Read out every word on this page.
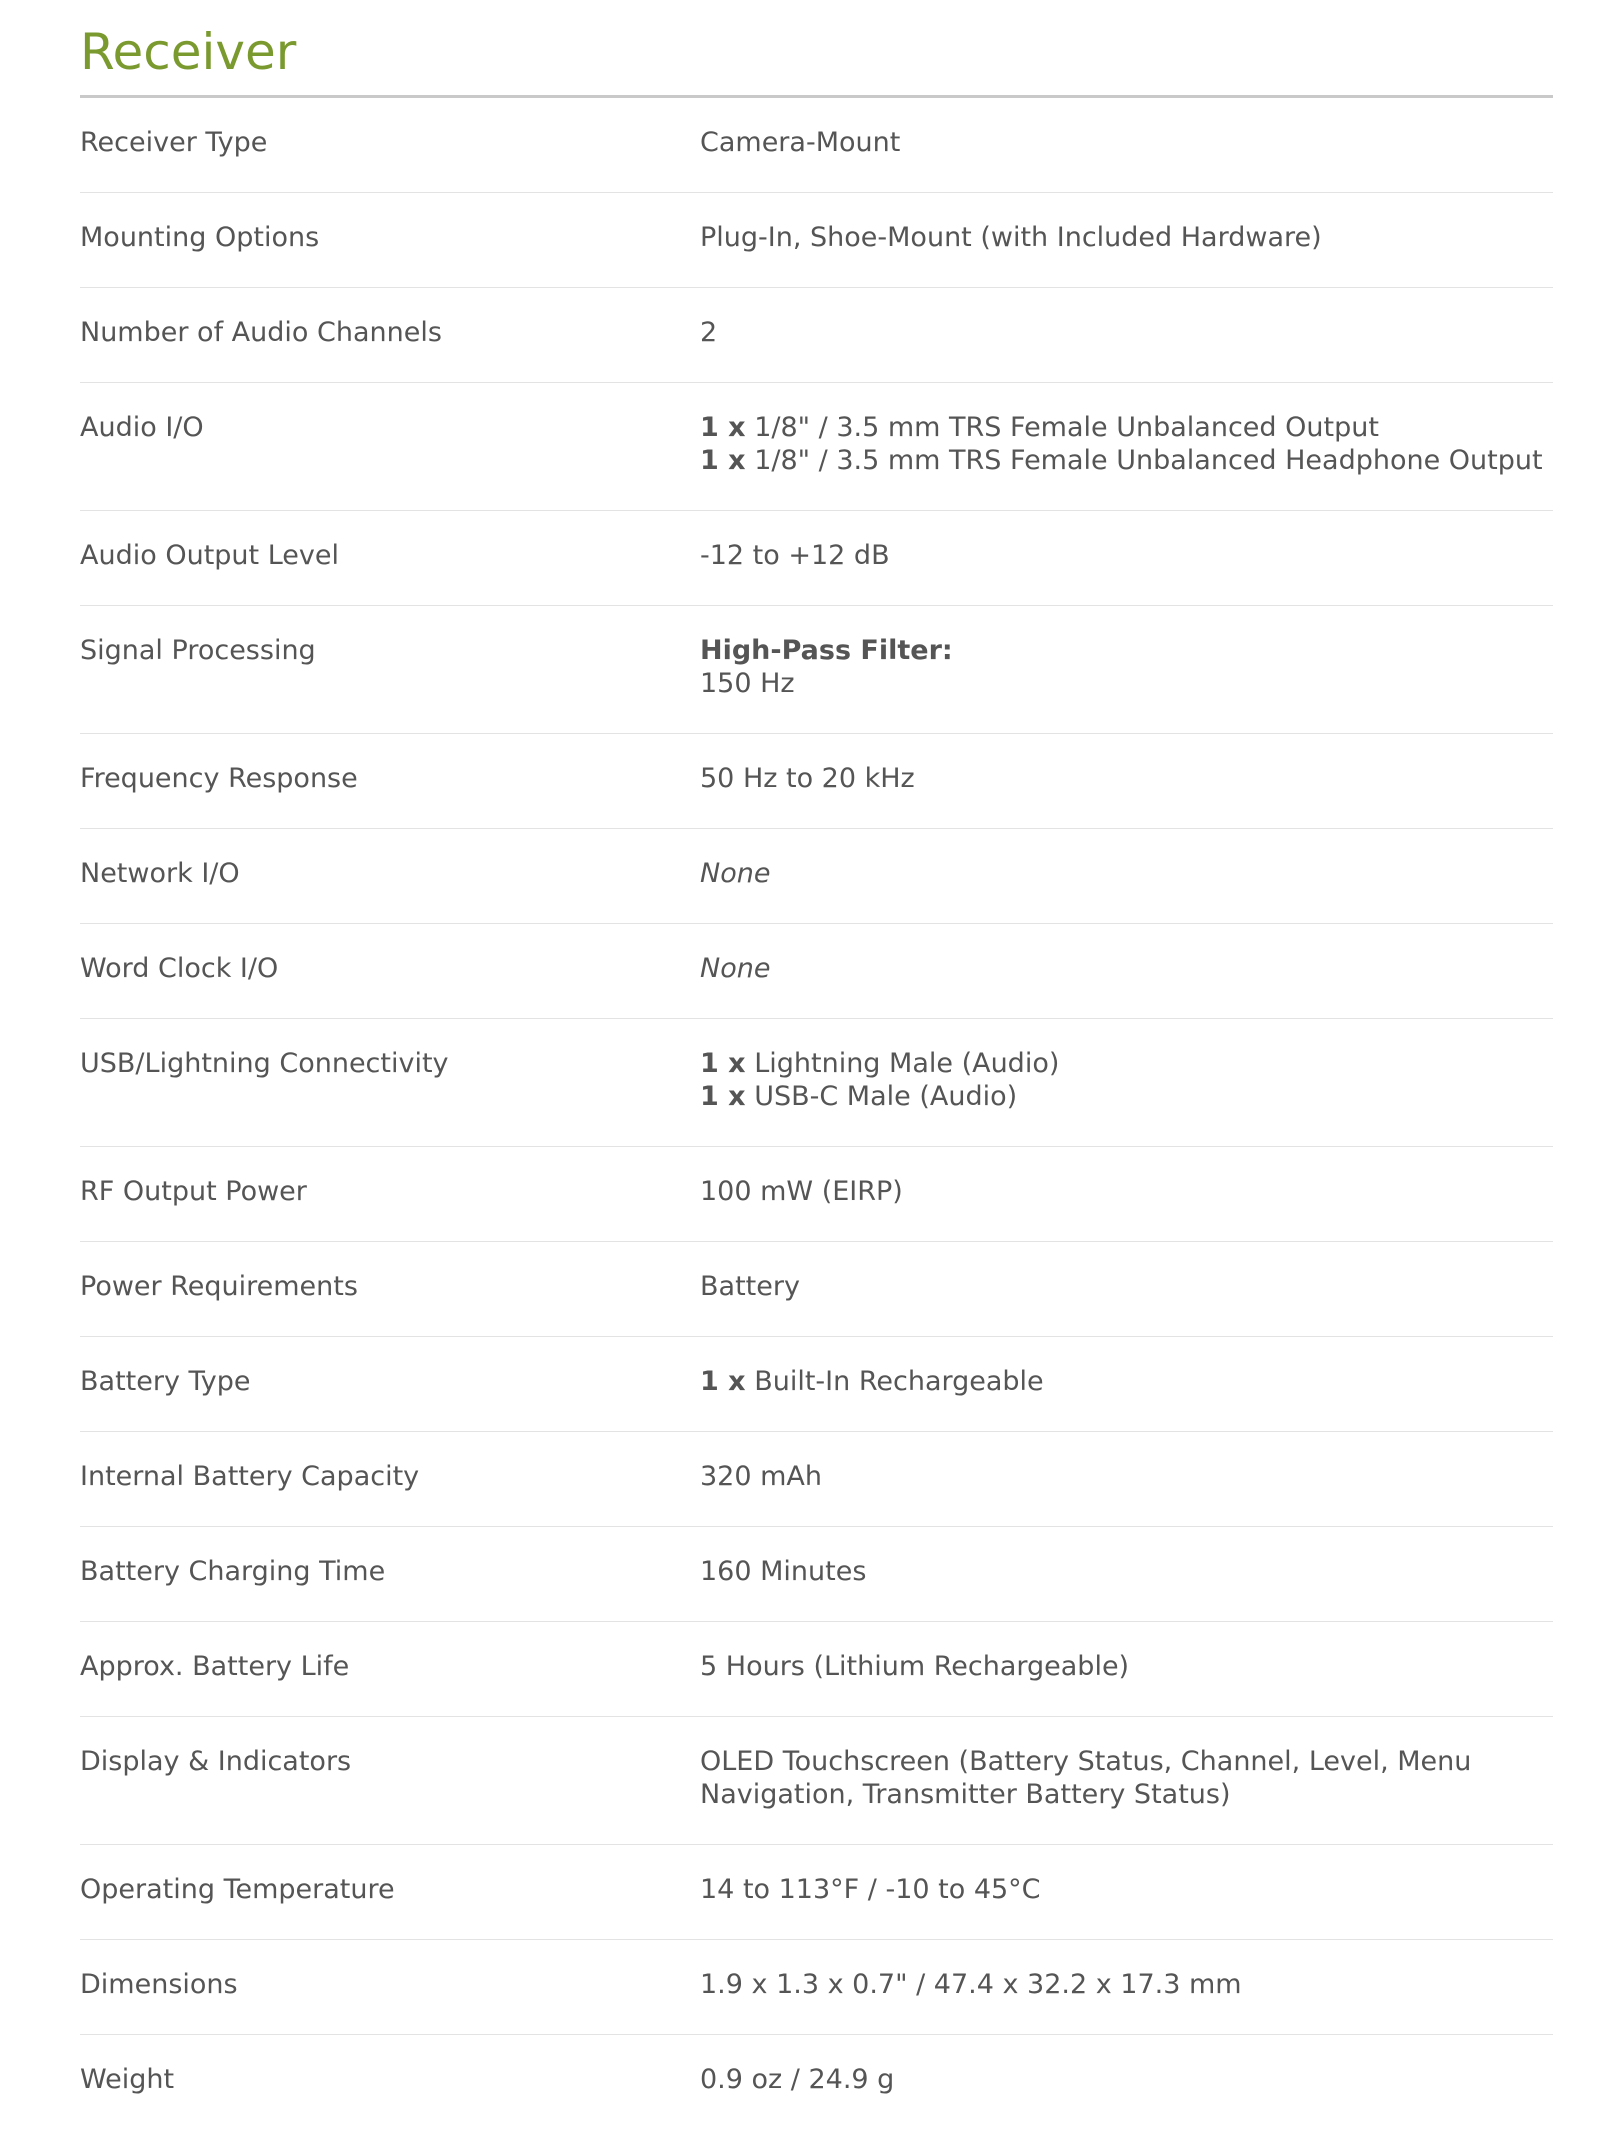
Receiver
Receiver Type	Camera-Mount
Mounting Options	Plug-In, Shoe-Mount (with Included Hardware)
Number of Audio Channels	2
Audio I/O	1 x 1/8" / 3.5 mm TRS Female Unbalanced Output
1 x 1/8" / 3.5 mm TRS Female Unbalanced Headphone Output
Audio Output Level	-12 to +12 dB
Signal Processing	High-Pass Filter:
150 Hz
Frequency Response	50 Hz to 20 kHz
Network I/O	None
Word Clock I/O	None
USB/Lightning Connectivity	1 x Lightning Male (Audio)
1 x USB-C Male (Audio)
RF Output Power	100 mW (EIRP)
Power Requirements	Battery
Battery Type	1 x Built-In Rechargeable
Internal Battery Capacity	320 mAh
Battery Charging Time	160 Minutes
Approx. Battery Life	5 Hours (Lithium Rechargeable)
Display & Indicators	OLED Touchscreen (Battery Status, Channel, Level, Menu
Navigation, Transmitter Battery Status)
Operating Temperature	14 to 113°F / -10 to 45°C
Dimensions	1.9 x 1.3 x 0.7" / 47.4 x 32.2 x 17.3 mm
Weight	0.9 oz / 24.9 g
